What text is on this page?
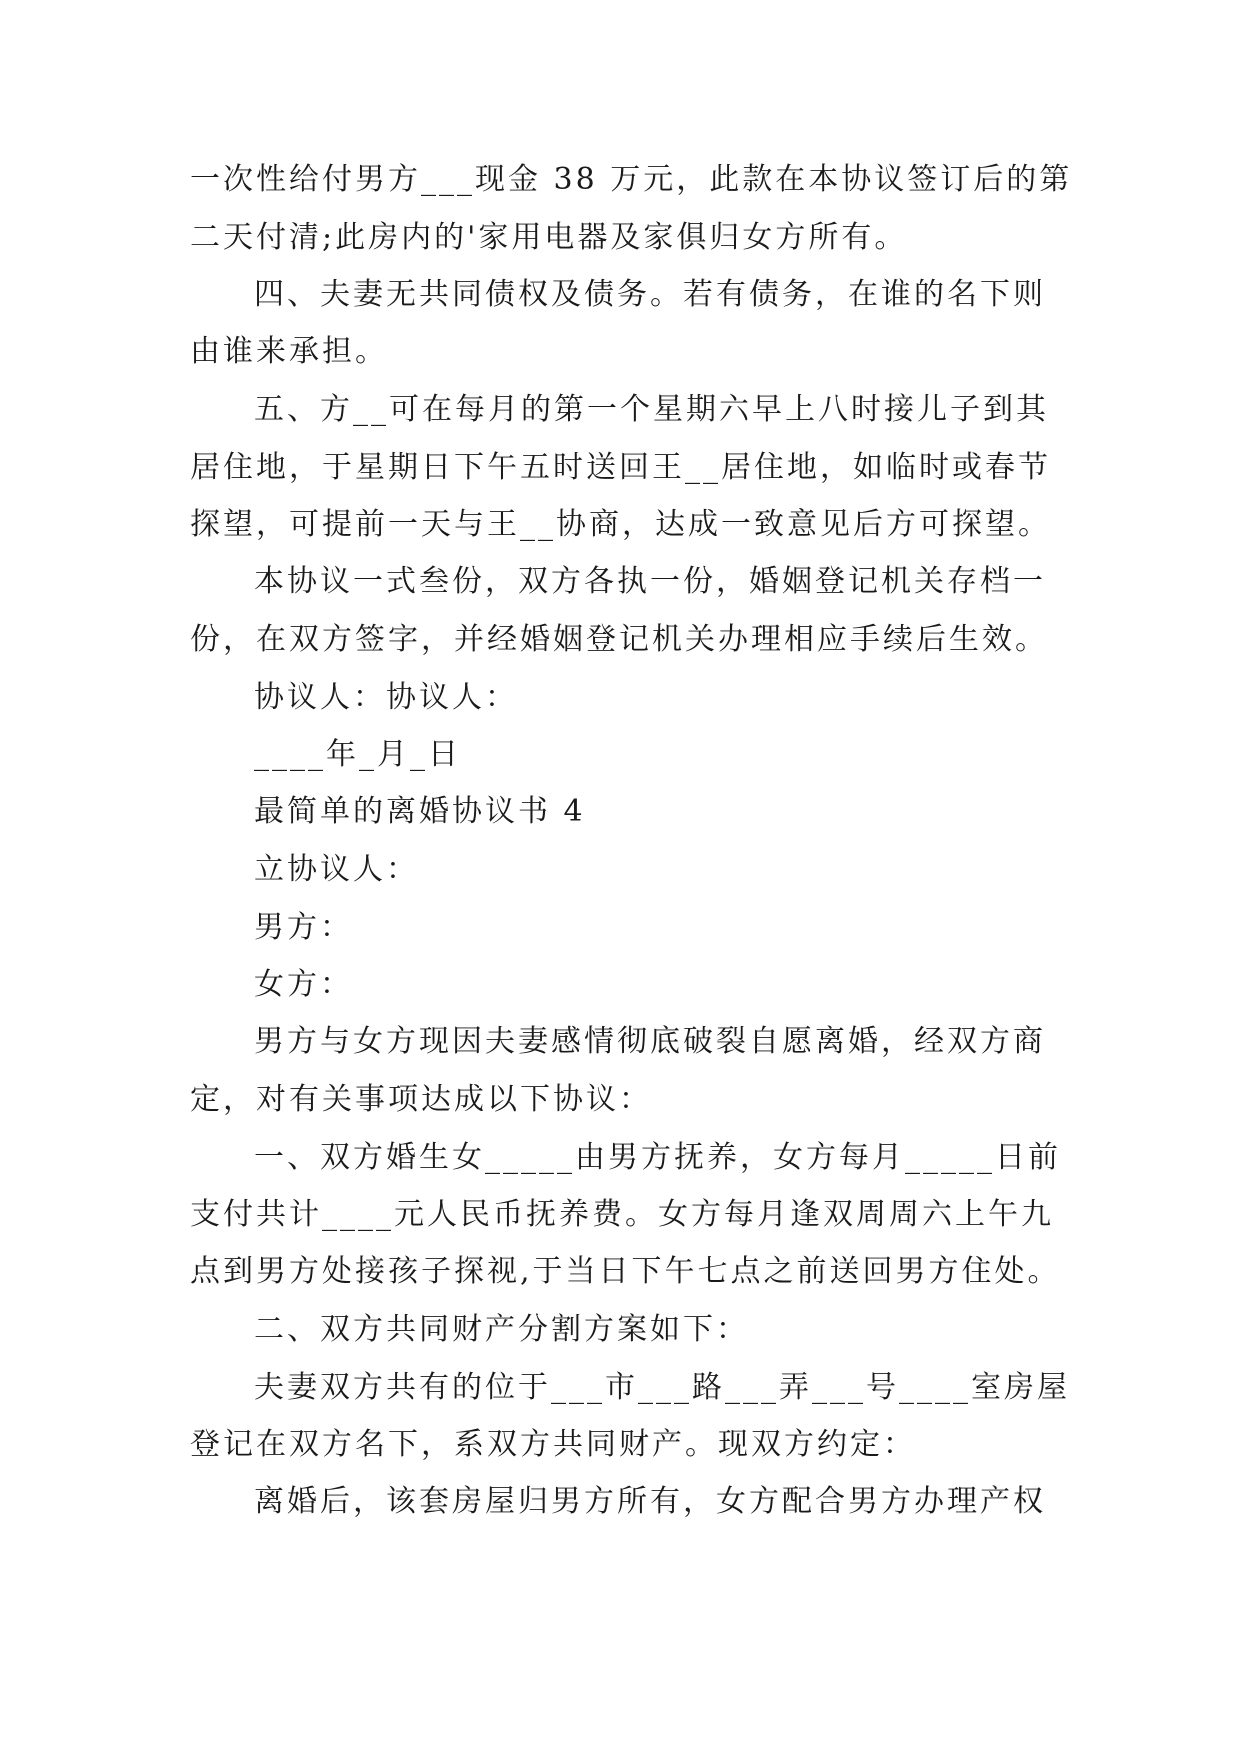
一次性给付男方___现金 38 万元，此款在本协议签订后的第
二天付清;此房内的'家用电器及家俱归女方所有。
四、夫妻无共同债权及债务。若有债务，在谁的名下则
由谁来承担。
五、方__可在每月的第一个星期六早上八时接儿子到其
居住地，于星期日下午五时送回王__居住地，如临时或春节
探望，可提前一天与王__协商，达成一致意见后方可探望。
本协议一式叁份，双方各执一份，婚姻登记机关存档一
份，在双方签字，并经婚姻登记机关办理相应手续后生效。
协议人：协议人：
____年_月_日
最简单的离婚协议书 4
立协议人：
男方：
女方：
男方与女方现因夫妻感情彻底破裂自愿离婚，经双方商
定，对有关事项达成以下协议：
一、双方婚生女_____由男方抚养，女方每月_____日前
支付共计____元人民币抚养费。女方每月逢双周周六上午九
点到男方处接孩子探视,于当日下午七点之前送回男方住处。
二、双方共同财产分割方案如下：
夫妻双方共有的位于___市___路___弄___号____室房屋
登记在双方名下，系双方共同财产。现双方约定：
离婚后，该套房屋归男方所有，女方配合男方办理产权
